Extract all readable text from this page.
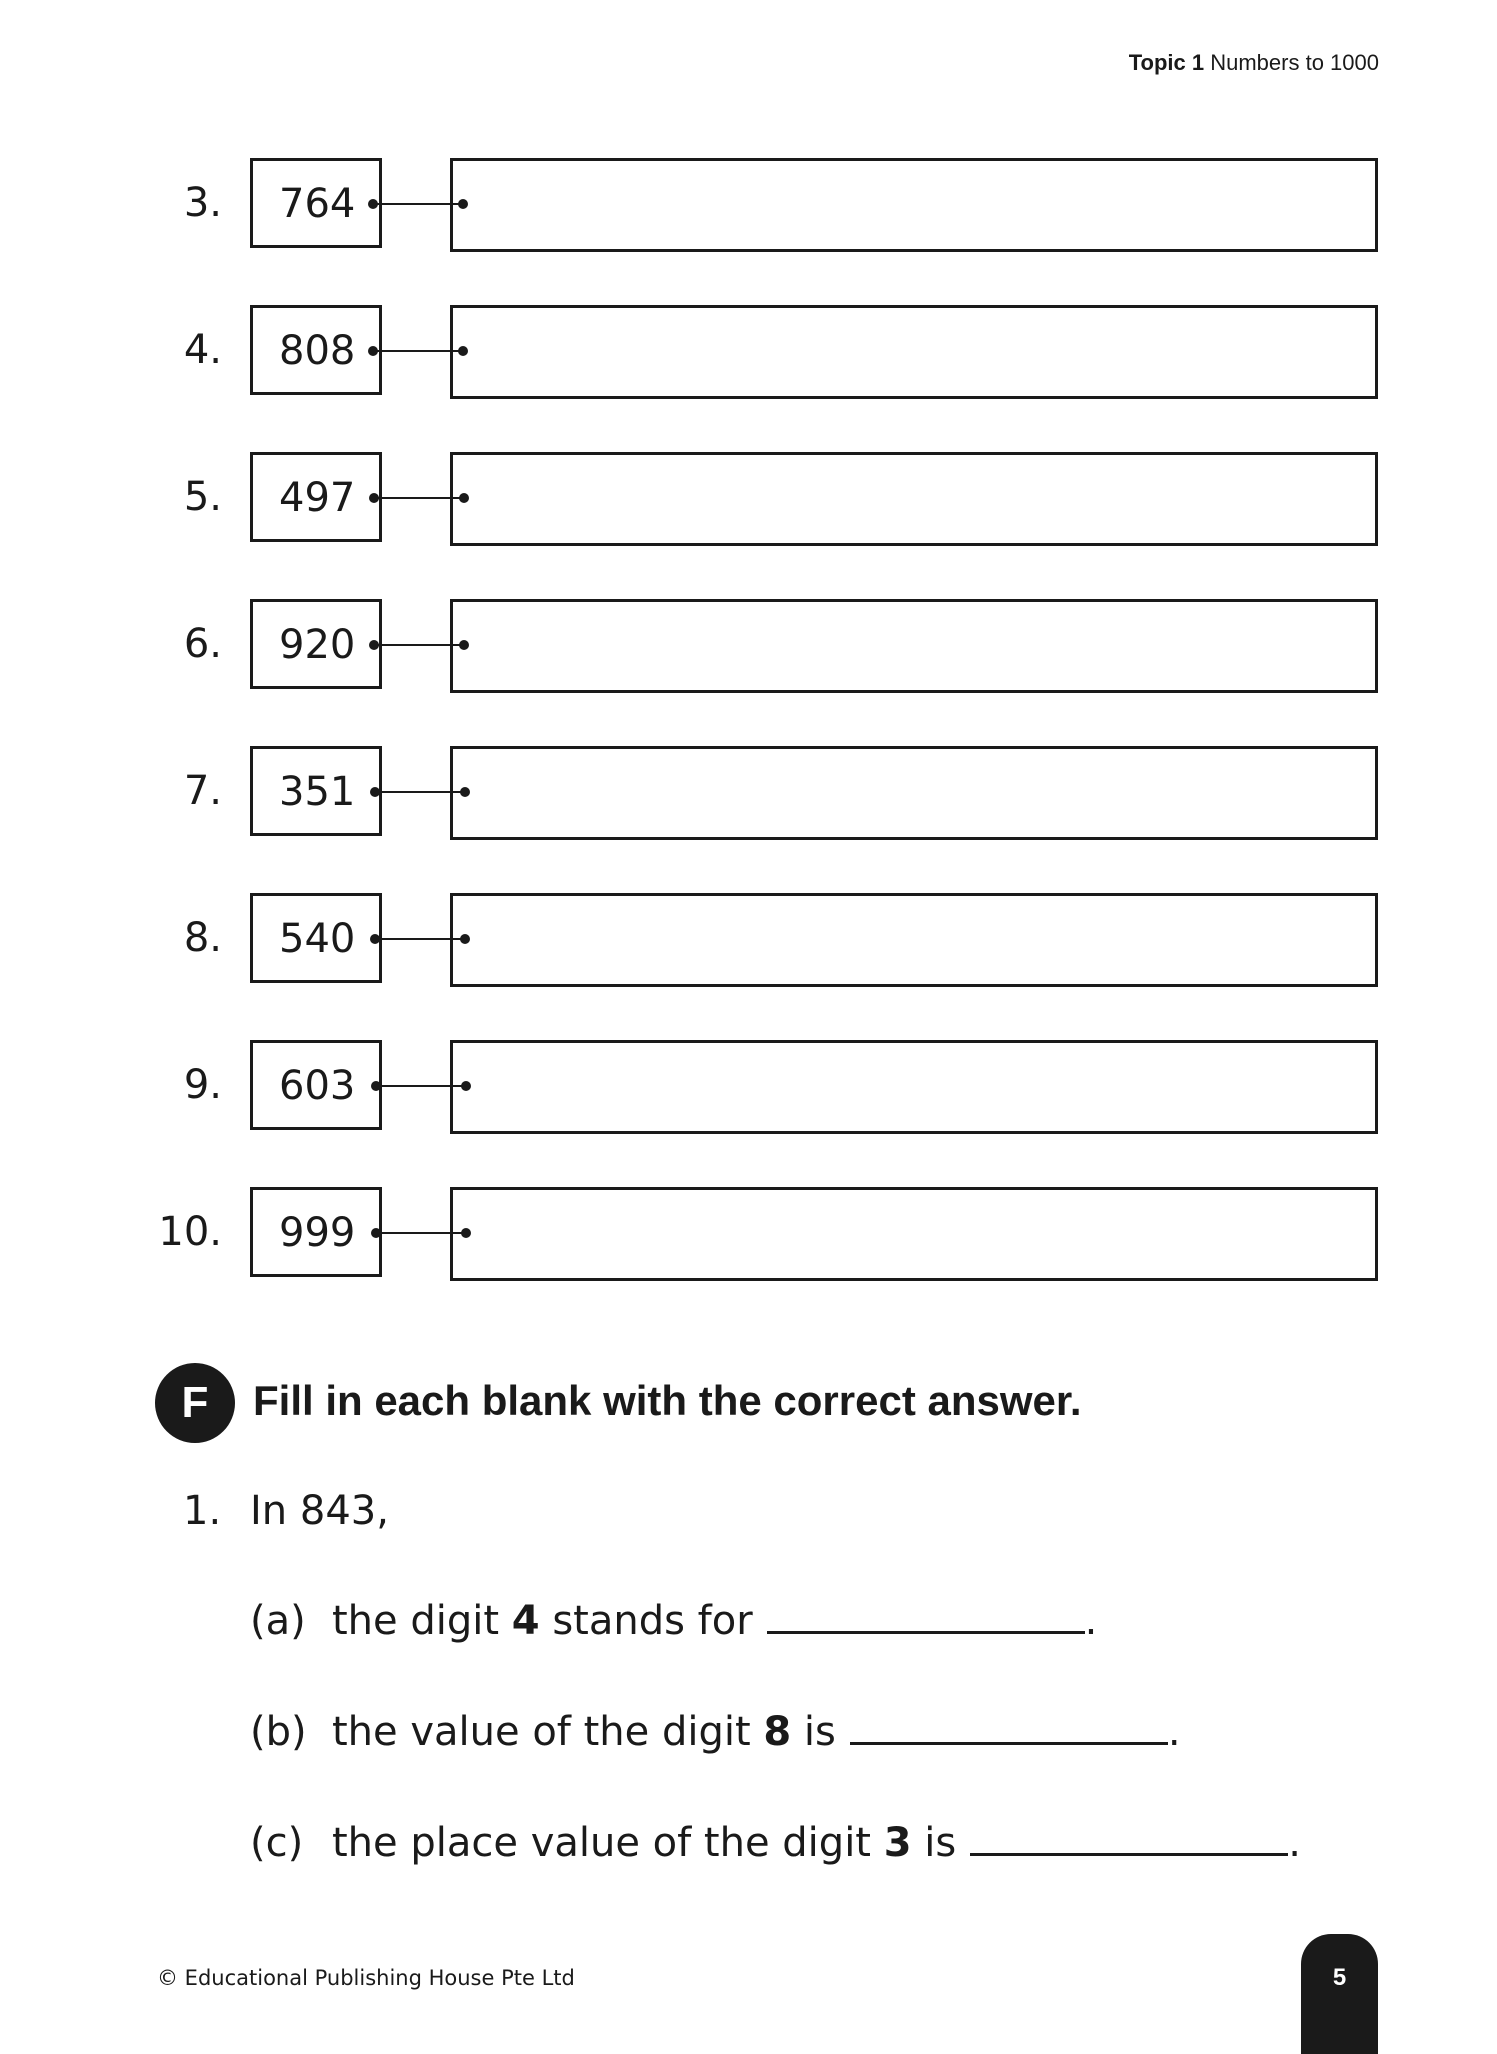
Topic 1 Numbers to 1000
3. 764
4. 808
5. 497
6. 920
7. 351
8. 540
9. 603
10. 999
F	Fill in each blank with the correct answer.
1. In 843,
(a) the digit 4 stands for	.
(b) the value of the digit 8 is	.
(c) the place value of the digit 3 is	.
© Educational Publishing House Pte Ltd	5
